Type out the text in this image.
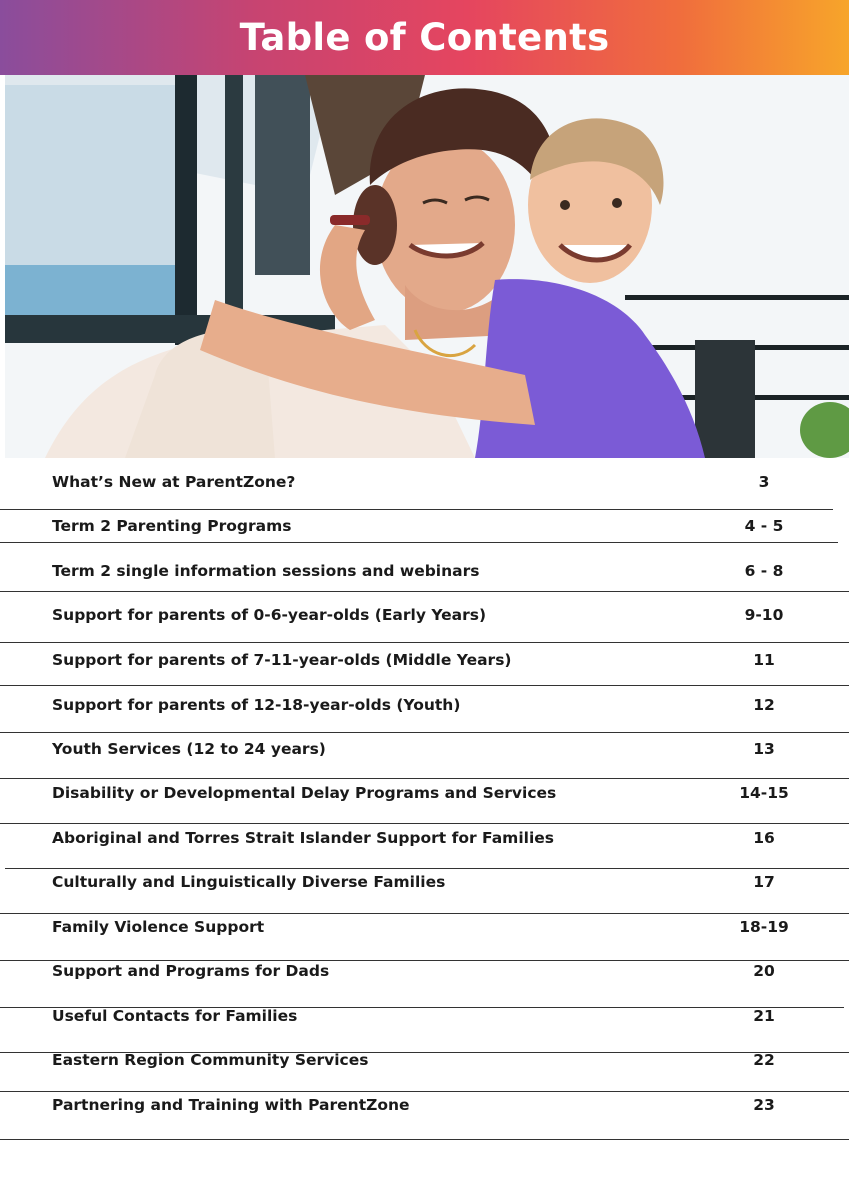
Table of Contents
What’s New at ParentZone?	3
Term 2 Parenting Programs	4 - 5
Term 2 single information sessions and webinars	6 - 8
Support for parents of 0-6-year-olds (Early Years)	9-10
Support for parents of 7-11-year-olds (Middle Years)	11
Support for parents of 12-18-year-olds (Youth)	12
Youth Services (12 to 24 years)	13
Disability or Developmental Delay Programs and Services	14-15
Aboriginal and Torres Strait Islander Support for Families	16
Culturally and Linguistically Diverse Families	17
Family Violence Support	18-19
Support and Programs for Dads	20
Useful Contacts for Families	21
Eastern Region Community Services	22
Partnering and Training with ParentZone	23
